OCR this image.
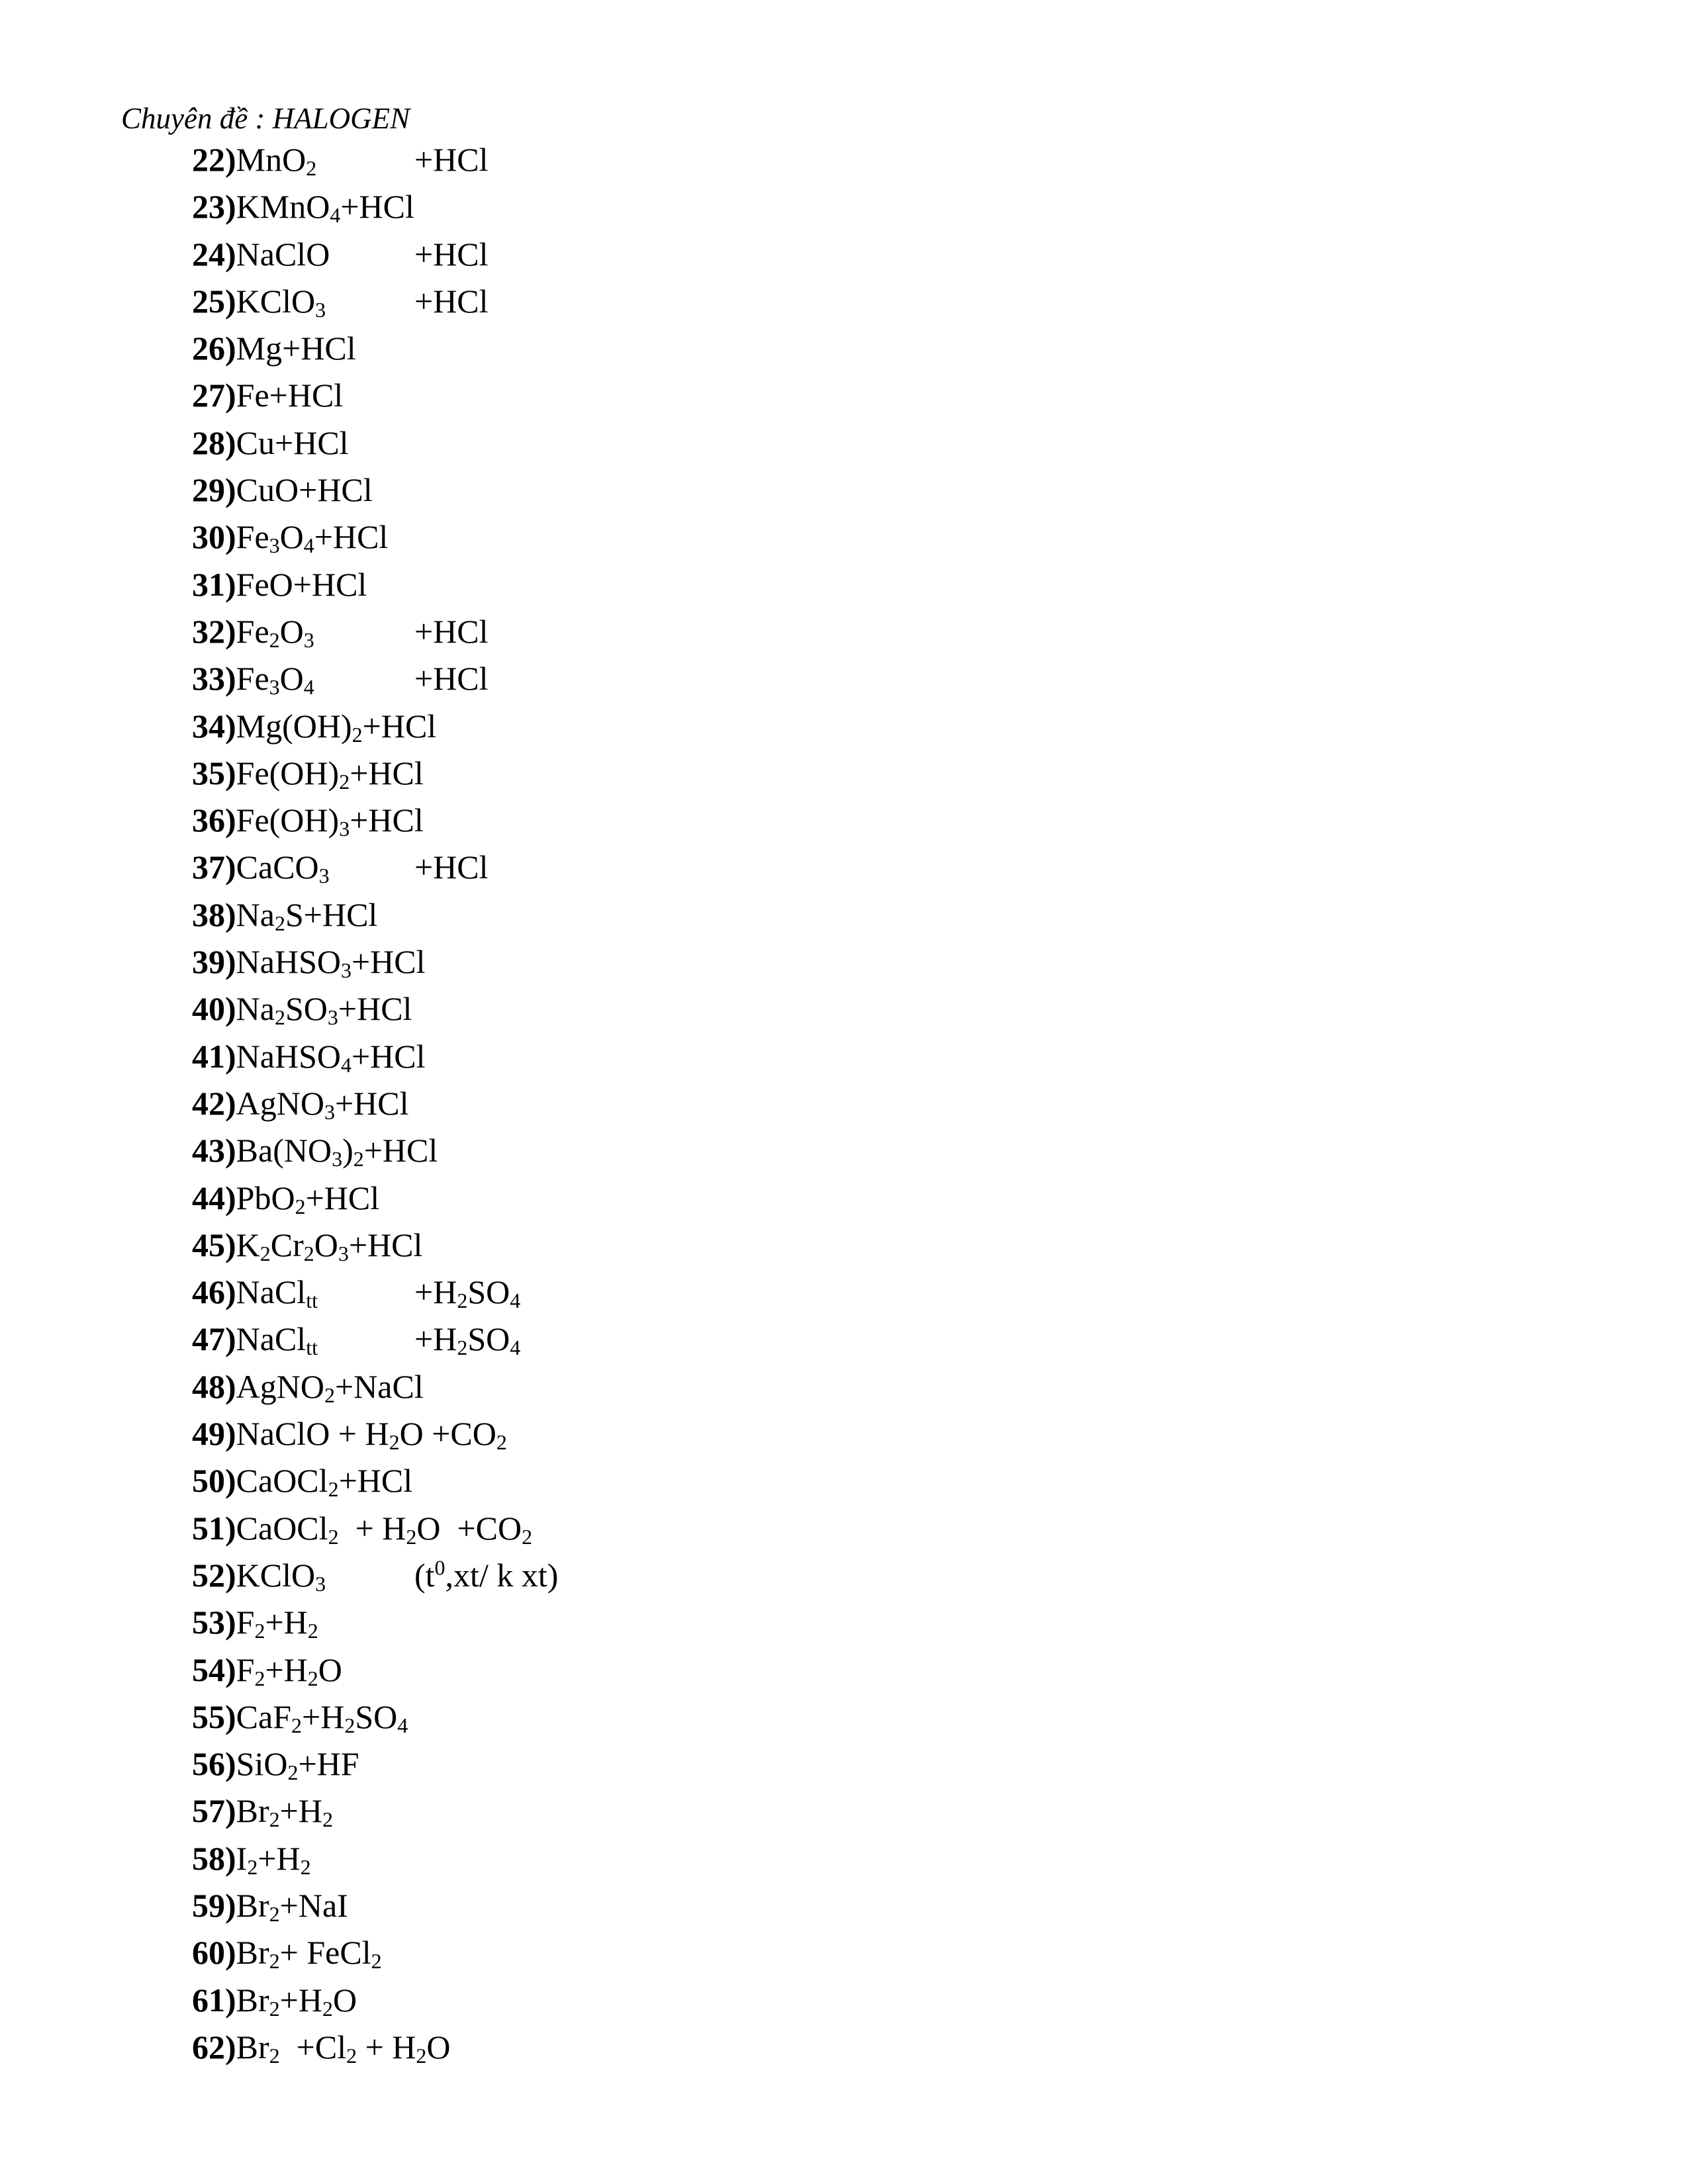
Chuyên đề : HALOGEN
22)MnO$_2$	+HCl
23)KMnO$_4$+HCl
24)NaClO	+HCl
25)KClO$_3$	+HCl
26)Mg+HCl
27)Fe+HCl
28)Cu+HCl
29)CuO+HCl
$30)Fe_3O_4+HCl$
31)FeO+HCl
$32)Fe_2O_3$	+HCl
$33)Fe_3O_4$	+HCl
$34)Mg(OH)_2+HCl$
$35)Fe(OH)_2+HCl$
$36)Fe(OH)_3+HCl$
37)CaCO$_3$	+HCl
$38)Na_2S+HCl$
39)NaHSO$_3$+HCl
$40)Na_2SO_3+HCl$
41)NaHSO$_4$+HCl
42)AgNO$_3$+HCl
$43)Ba(NO_3)_2+HCl$
44)PbO$_2$+HCl
$45)K_2Cr_2O_3+HCl$
46)NaCl$_{tt}$	$+H_2SO_4$
47)NaCl$_{tt}$	$+H_2SO_4$
48)AgNO$_2$+NaCl
49)NaClO + $H_2O +CO_2$
50)CaOCl$_2$+HCl
51)CaOCl$_2$  + $H_2O +CO_2$
52)KClO$_3$	($t^0,xt/$ k xt)
$53)F_2+H_2$
$54)F_2+H_2O$
$55)CaF_2+H_2SO_4$
56)SiO$_2$+HF
$57)Br_2+H_2$
$58)I_2+H_2$
$59)Br_2+NaI$
$60)Br_2+$ FeCl$_2$
$61)Br_2+H_2O$
$62)Br_2 +Cl_2 + H_2O$
